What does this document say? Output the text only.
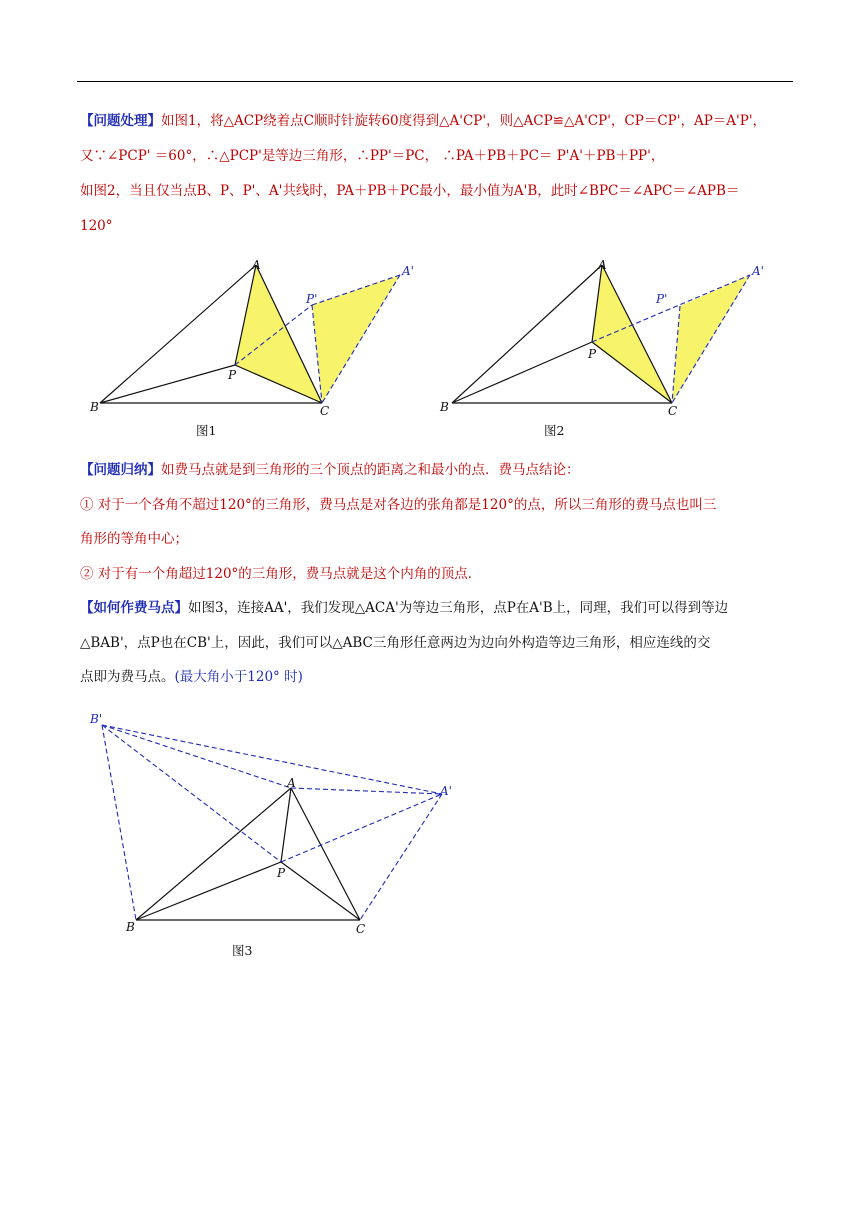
【问题处理】如图1，将△ACP绕着点C顺时针旋转60度得到△A'CP'，则△ACP≌△A'CP'，CP＝CP'，AP＝A'P'，
又∵∠PCP' ＝60°，∴△PCP'是等边三角形，∴PP'＝PC， ∴PA＋PB＋PC＝ P'A'＋PB＋PP'，
如图2，当且仅当点B、P、P'、A'共线时，PA＋PB＋PC最小，最小值为A'B，此时∠BPC＝∠APC＝∠APB＝
120°
A
B	C
P
A'
P'
图1
A
B	C
P
A'
P'
图2
【问题归纳】如费马点就是到三角形的三个顶点的距离之和最小的点．费马点结论：
① 对于一个各角不超过120°的三角形，费马点是对各边的张角都是120°的点，所以三角形的费马点也叫三
角形的等角中心；
② 对于有一个角超过120°的三角形，费马点就是这个内角的顶点．
【如何作费马点】如图3，连接AA'，我们发现△ACA'为等边三角形，点P在A'B上，同理，我们可以得到等边
△BAB'，点P也在CB'上，因此，我们可以△ABC三角形任意两边为边向外构造等边三角形，相应连线的交
点即为费马点。(最大角小于120° 时)
A
B	C
P
A'
B'
图3
